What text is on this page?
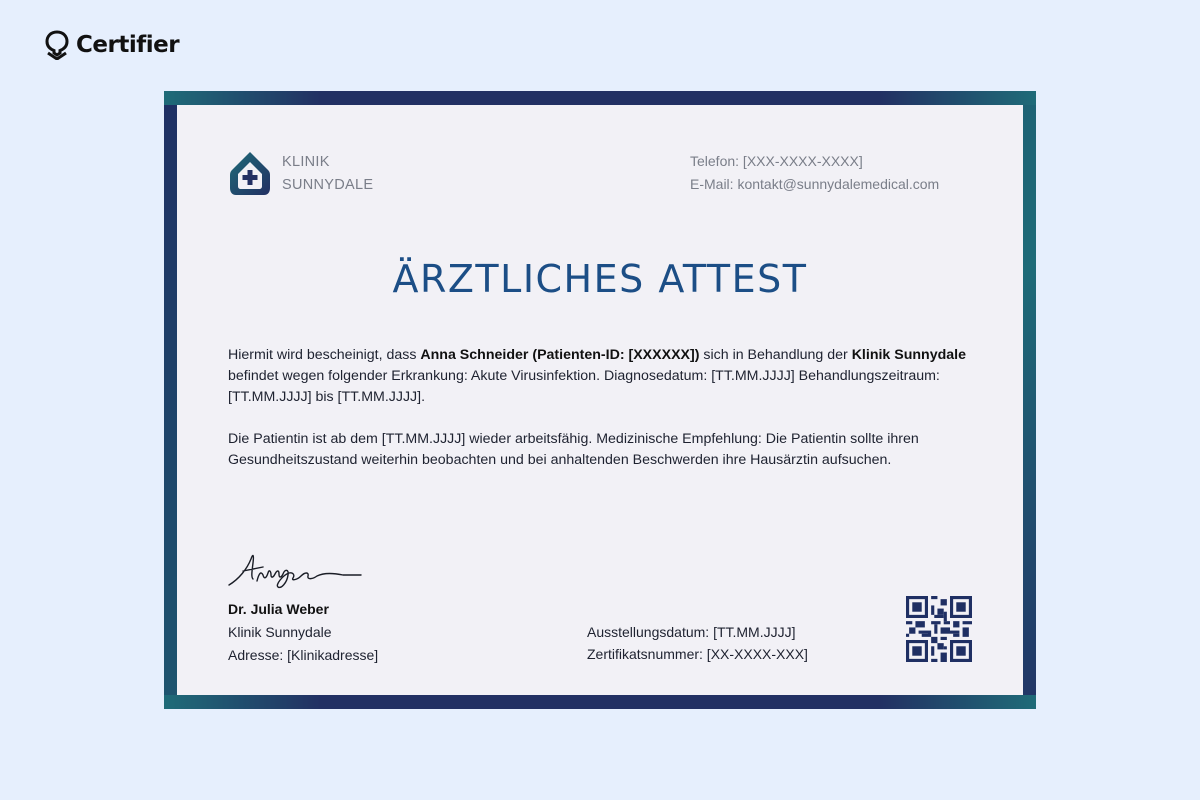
Certifier
KLINIK
SUNNYDALE
Telefon: [XXX-XXXX-XXXX]
E-Mail: kontakt@sunnydalemedical.com
ÄRZTLICHES ATTEST
Hiermit wird bescheinigt, dass Anna Schneider (Patienten-ID: [XXXXXX]) sich in Behandlung der Klinik Sunnydale befindet wegen folgender Erkrankung: Akute Virusinfektion. Diagnosedatum: [TT.MM.JJJJ] Behandlungszeitraum: [TT.MM.JJJJ] bis [TT.MM.JJJJ].
Die Patientin ist ab dem [TT.MM.JJJJ] wieder arbeitsfähig. Medizinische Empfehlung: Die Patientin sollte ihren Gesundheitszustand weiterhin beobachten und bei anhaltenden Beschwerden ihre Hausärztin aufsuchen.
Dr. Julia Weber
Klinik Sunnydale
Adresse: [Klinikadresse]
Ausstellungsdatum: [TT.MM.JJJJ]
Zertifikatsnummer: [XX-XXXX-XXX]
